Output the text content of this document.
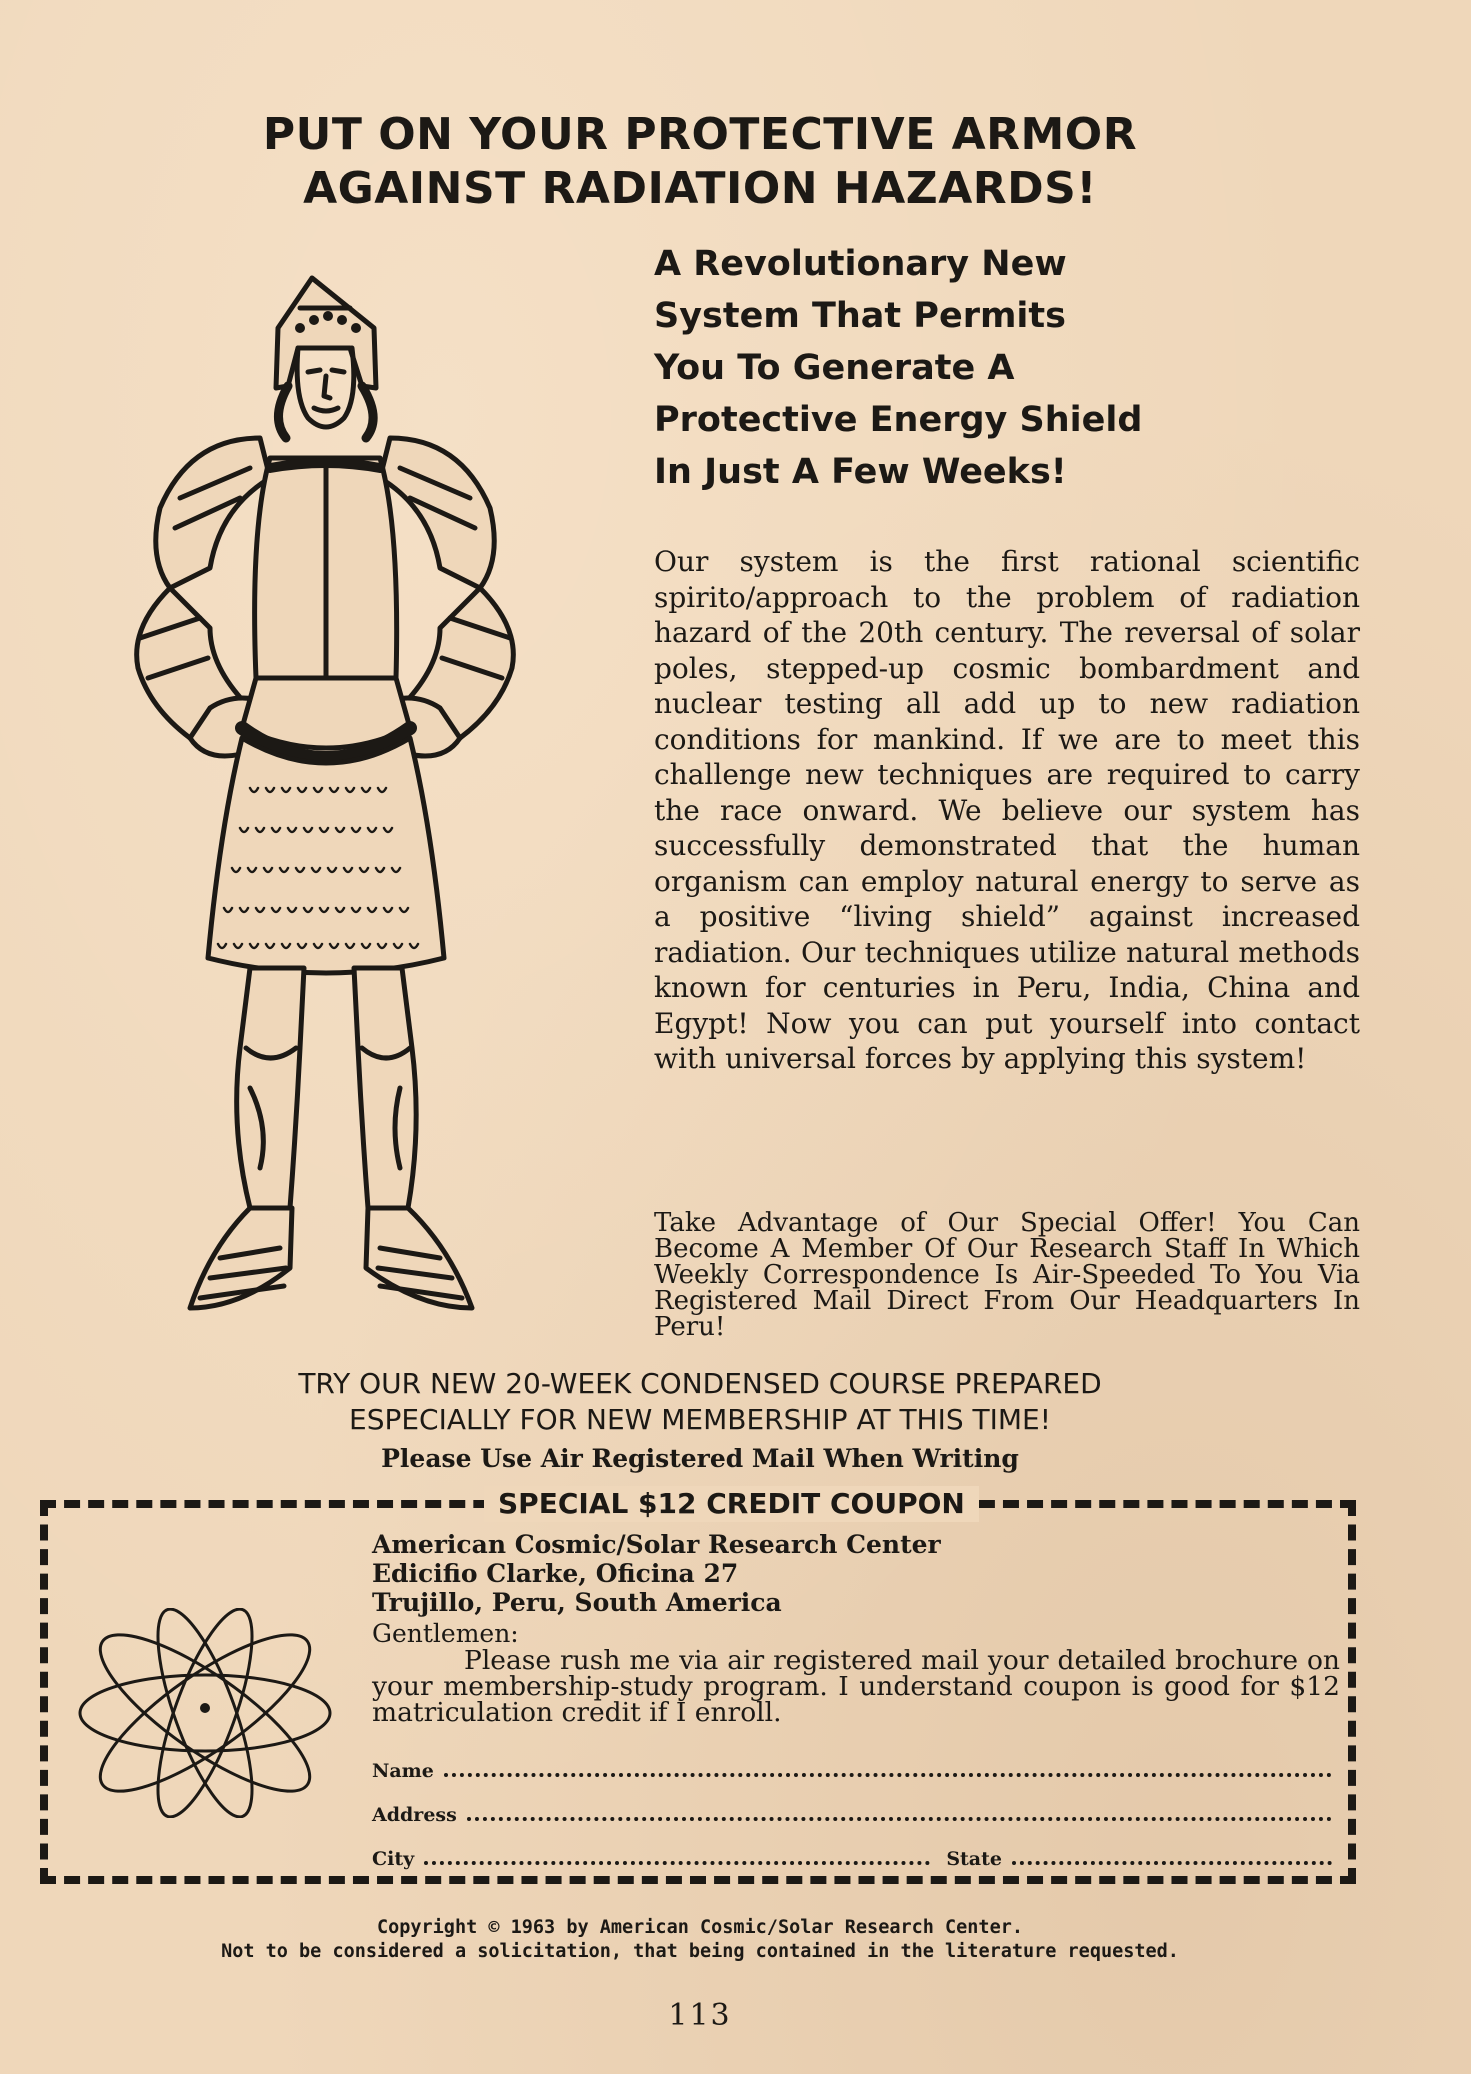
PUT ON YOUR PROTECTIVE ARMOR
AGAINST RADIATION HAZARDS!
A Revolutionary New
System That Permits
You To Generate A
Protective Energy Shield
In Just A Few Weeks!

Our system is the first rational scientific spirito/approach to the problem of radiation hazard of the 20th century. The reversal of solar poles, stepped-up cosmic bombardment and nuclear testing all add up to new radiation conditions for mankind. If we are to meet this challenge new techniques are required to carry the race onward. We believe our system has successfully demonstrated that the human organism can employ natural energy to serve as a positive “living shield” against increased radiation. Our techniques utilize natural methods known for centuries in Peru, India, China and Egypt! Now you can put yourself into contact with universal forces by applying this system!

Take Advantage of Our Special Offer! You Can Become A Member Of Our Research Staff In Which Weekly Correspondence Is Air-Speeded To You Via Registered Mail Direct From Our Headquarters In Peru!

TRY OUR NEW 20-WEEK CONDENSED COURSE PREPARED
ESPECIALLY FOR NEW MEMBERSHIP AT THIS TIME!

Please Use Air Registered Mail When Writing

SPECIAL $12 CREDIT COUPON
American Cosmic/Solar Research Center
Edicifio Clarke, Oficina 27
Trujillo, Peru, South America
Gentlemen:

Please rush me via air registered mail your detailed brochure on your membership-study program. I understand coupon is good for $12 matriculation credit if I enroll.

Name
Address
City	State
Copyright © 1963 by American Cosmic/Solar Research Center.
Not to be considered a solicitation, that being contained in the literature requested.
113
